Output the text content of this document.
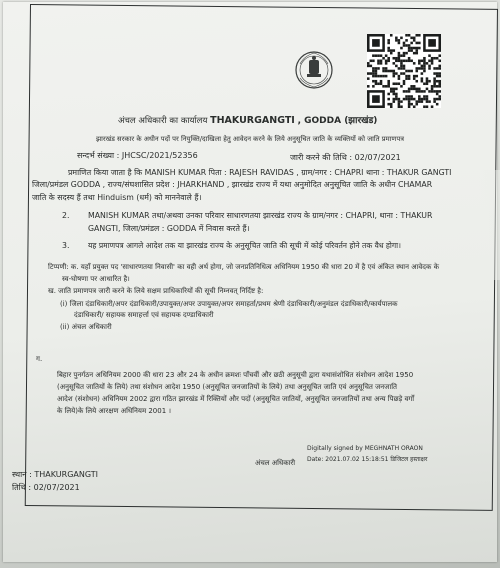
अंचल अधिकारी का कार्यालय THAKURGANGTI , GODDA (झारखंड)
झारखंड सरकार के अधीन पदों पर नियुक्ति/दाखिला हेतु आवेदन करने के लिये अनुसूचित जाति के व्यक्तियों को जाति प्रमाणपत्र
सन्दर्भ संख्या : JHCSC/2021/52356	जारी करने की तिथि : 02/07/2021
प्रमाणित किया जाता है कि MANISH KUMAR पिता : RAJESH RAVIDAS , ग्राम/नगर : CHAPRI थाना : THAKUR GANGTI
जिला/प्रमंडल GODDA , राज्य/संघशासित प्रदेश : JHARKHAND , झारखंड राज्य में यथा अनुमोदित अनुसूचित जाति के अधीन CHAMAR
जाति के सदस्य हैं तथा Hinduism (धर्म) को माननेवाले हैं।
2. MANISH KUMAR तथा/अथवा उनका परिवार साधारणतया झारखंड राज्य के ग्राम/नगर : CHAPRI, थाना : THAKUR
GANGTI, जिला/प्रमंडल : GODDA में निवास करते हैं।
3. यह प्रमाणपत्र आगले आदेश तक या झारखंड राज्य के अनुसूचित जाति की सूची में कोई परिवर्तन होने तक वैध होगा।
टिप्पणी: क. यहाँ प्रयुक्त पद 'साधारणतया निवासी' का वही अर्थ होगा, जो जनप्रतिनिधित्व अधिनियम 1950 की धारा 20 में है एवं अंकित स्थान आवेदक के
स्व-घोषणा पर आधारित है।
ख. जाति प्रमाणपत्र जारी करने के लिये सक्षम प्राधिकारियों की सूची निम्नवत् निर्दिष्ट है:
(i) जिला दंडाधिकारी/अपर दंडाधिकारी/उपायुक्त/अपर उपायुक्त/अपर समाहर्ता/प्रथम श्रेणी दंडाधिकारी/अनुमंडल दंडाधिकारी/कार्यपालक
दंडाधिकारी/ सहायक समाहर्त्ता एवं सहायक दण्डाधिकारी
(ii) अंचल अधिकारी
ग.
बिहार पुनर्गठन अधिनियम 2000 की धारा 23 और 24 के अधीन क्रमशः पाँचवीं और छठी अनुसूची द्वारा यथासंशोधित संशोधन आदेश 1950
(अनुसूचित जातियों के लिये) तथा संशोधन आदेश 1950 (अनुसूचित जनजातियों के लिये) तथा अनुसूचित जाति एवं अनुसूचित जनजाति
आदेश (संशोधन) अधिनियम 2002 द्वारा गठित झारखंड में रिक्तियों और पदों (अनुसूचित जातियों, अनुसूचित जनजातियों तथा अन्य पिछड़े वर्गों
के लिये)के लिये आरक्षण अधिनियम 2001 ।
अंचल अधिकारी
Digitally signed by MEGHNATH ORAON
Date: 2021.07.02 15:18:51 डिजिटल हस्ताक्षर
स्थान : THAKURGANGTI
तिथि : 02/07/2021
